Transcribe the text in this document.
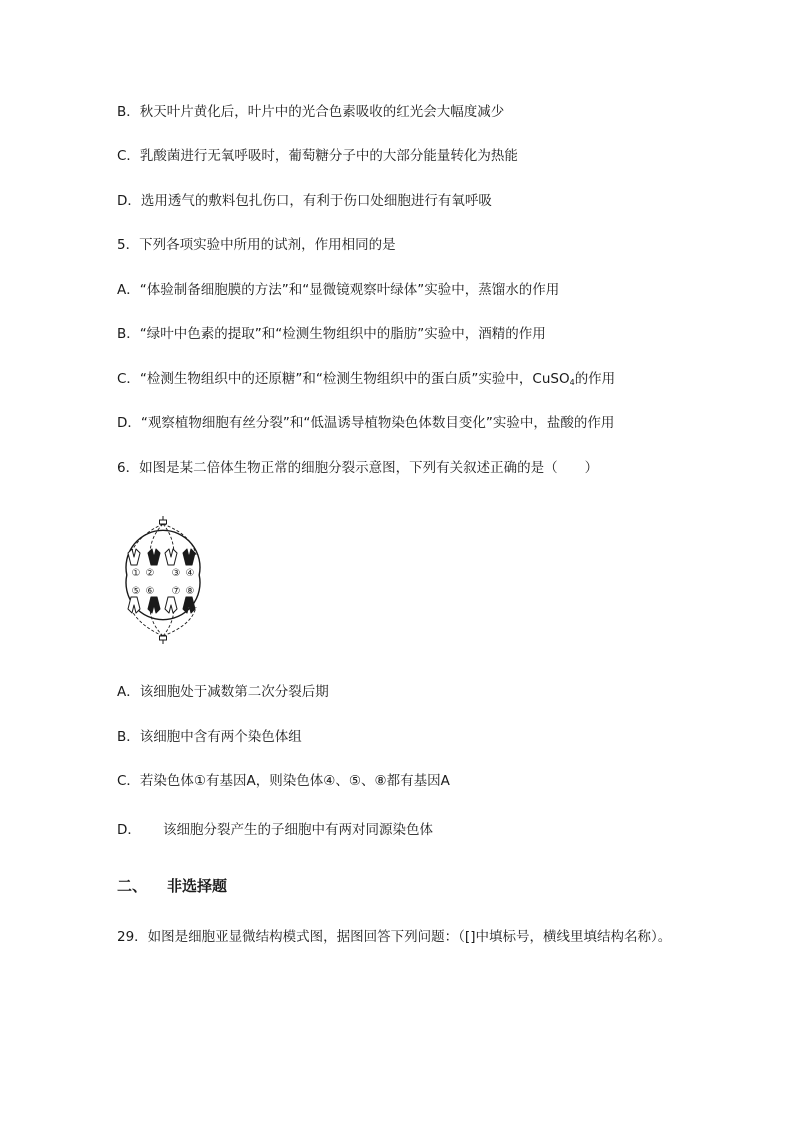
B．秋天叶片黄化后，叶片中的光合色素吸收的红光会大幅度减少
C．乳酸菌进行无氧呼吸时，葡萄糖分子中的大部分能量转化为热能
D．选用透气的敷料包扎伤口，有利于伤口处细胞进行有氧呼吸
5．下列各项实验中所用的试剂，作用相同的是
A．“体验制备细胞膜的方法”和“显微镜观察叶绿体”实验中，蒸馏水的作用
B．“绿叶中色素的提取”和“检测生物组织中的脂肪”实验中，酒精的作用
C．“检测生物组织中的还原糖”和“检测生物组织中的蛋白质”实验中，CuSO$_4$的作用
D．“观察植物细胞有丝分裂”和“低温诱导植物染色体数目变化”实验中，盐酸的作用
6．如图是某二倍体生物正常的细胞分裂示意图，下列有关叙述正确的是（　　）
① ② ③ ④
⑤ ⑥ ⑦ ⑧
A．该细胞处于减数第二次分裂后期
B．该细胞中含有两个染色体组
C．若染色体①有基因A，则染色体④、⑤、⑧都有基因A
D． 该细胞分裂产生的子细胞中有两对同源染色体
二、 非选择题
29．如图是细胞亚显微结构模式图，据图回答下列问题：（[]中填标号，横线里填结构名称）。
